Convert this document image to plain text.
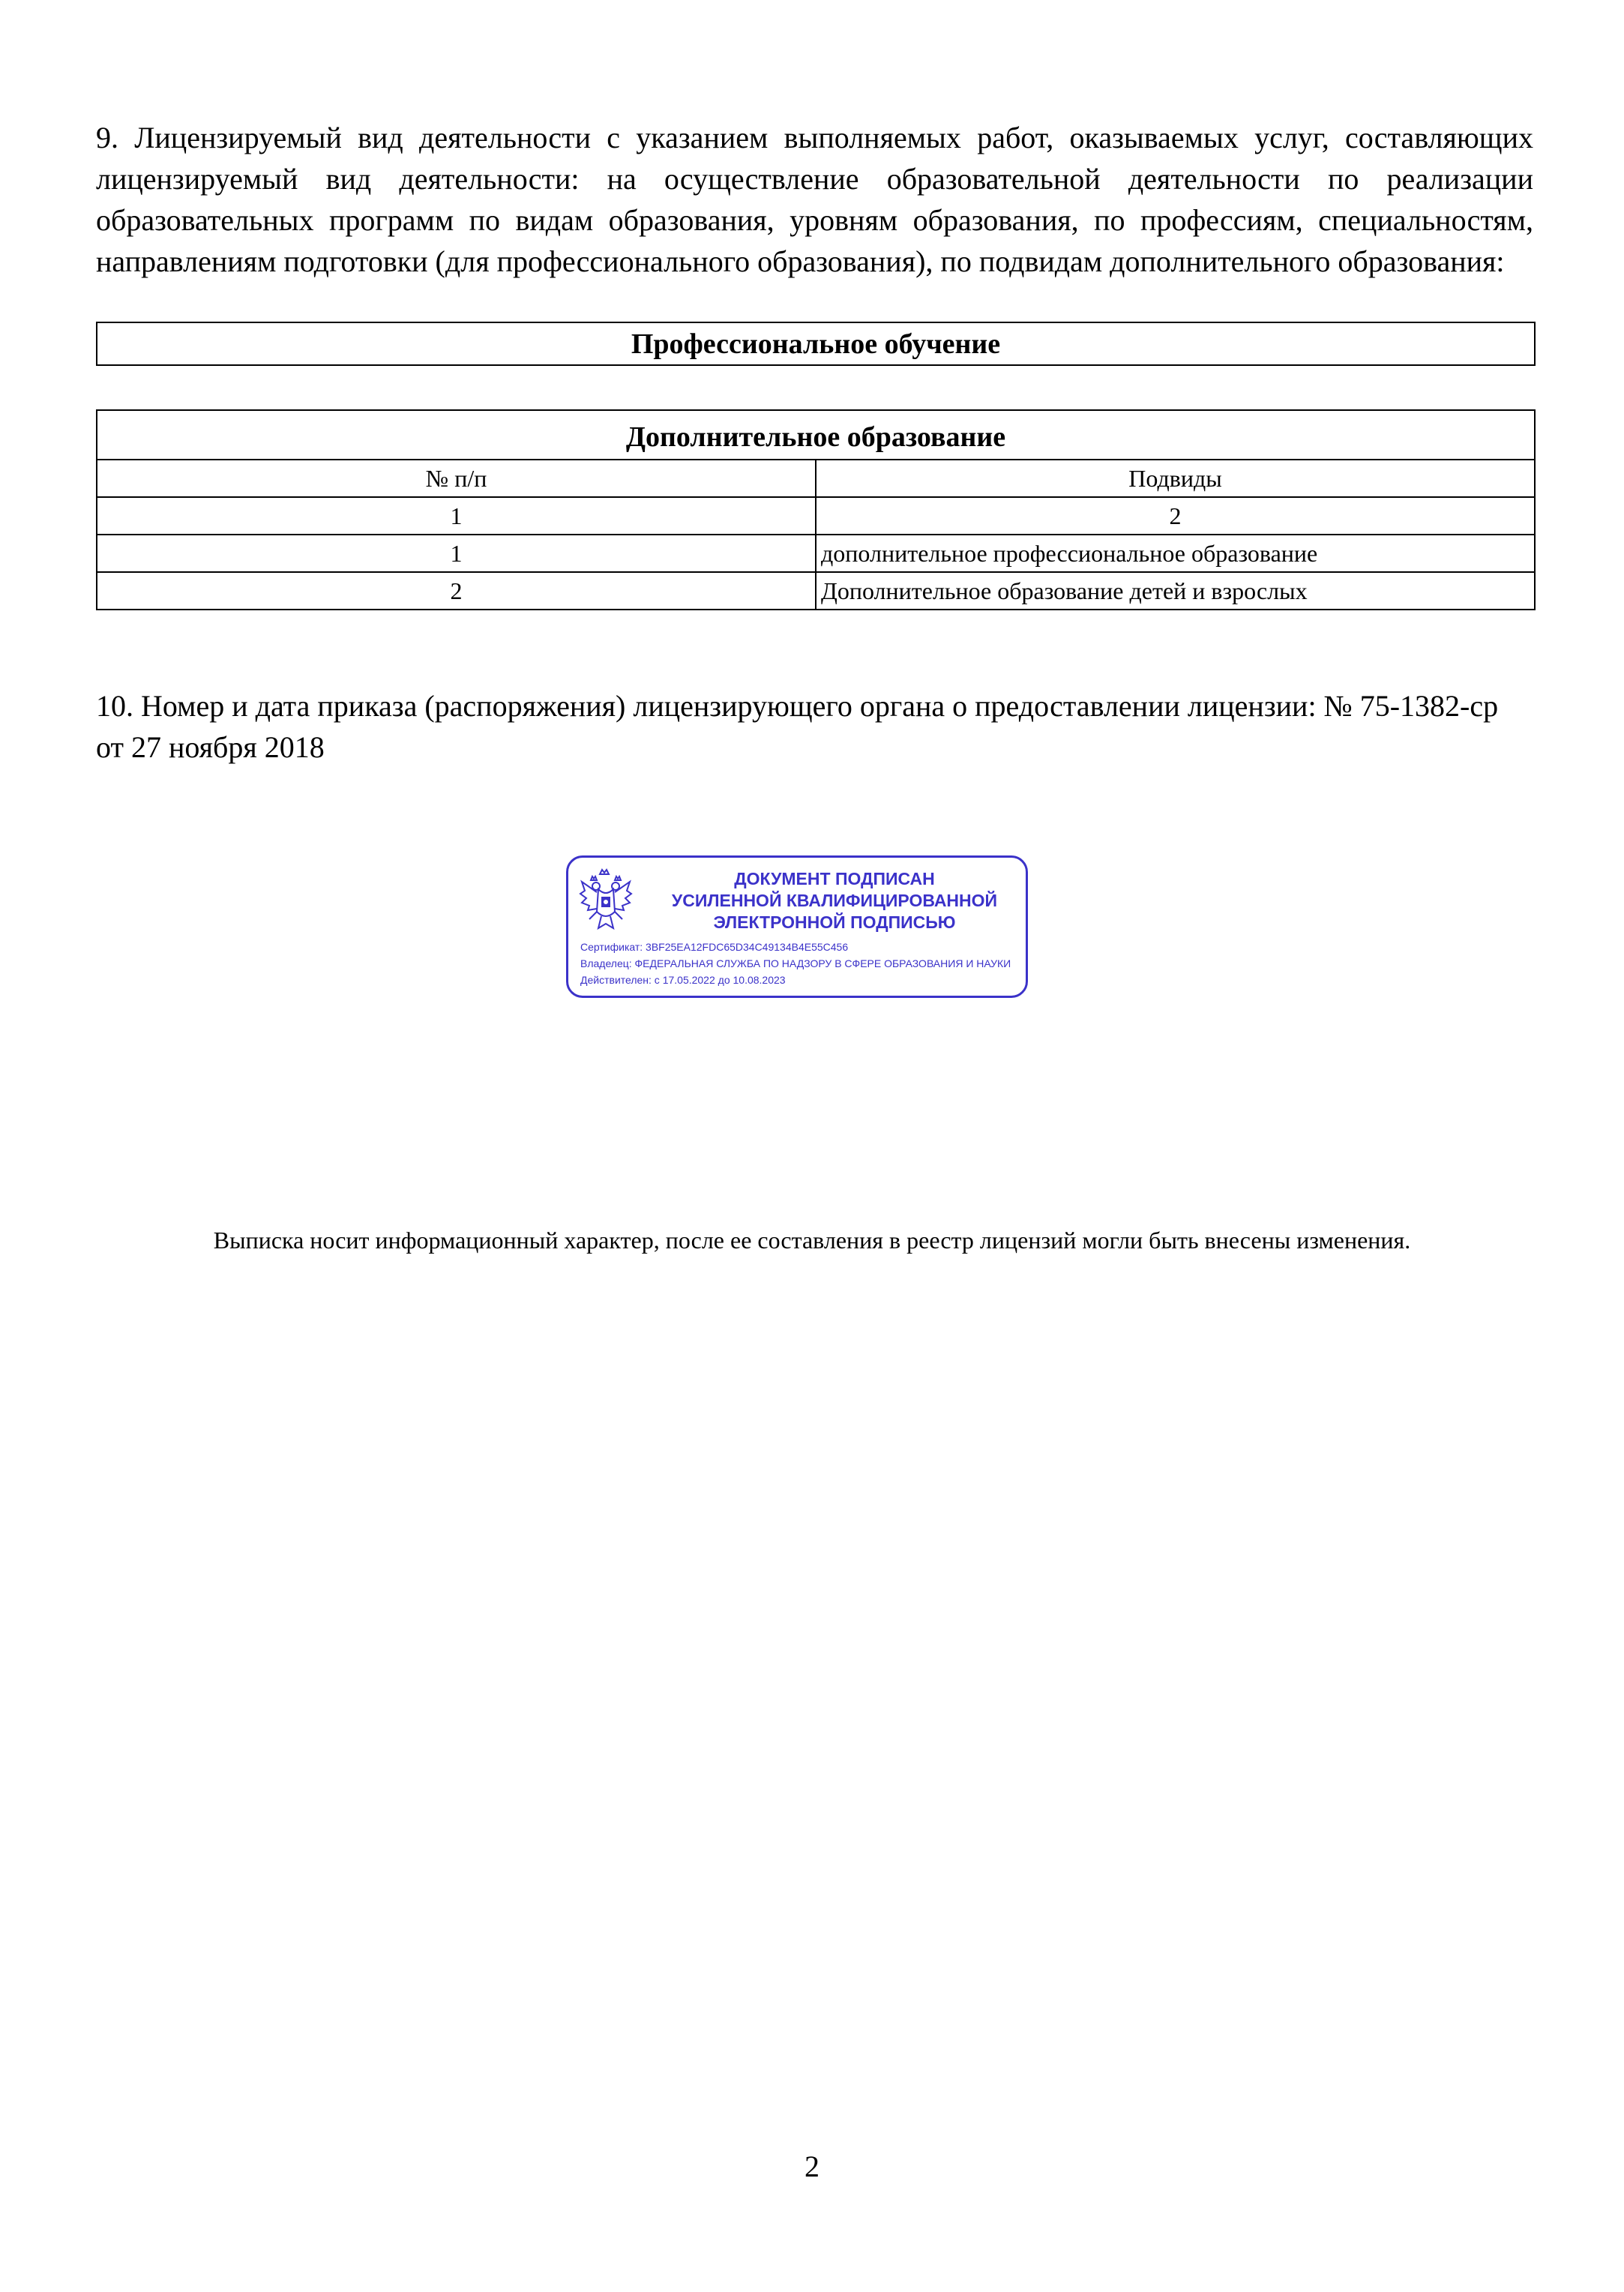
9. Лицензируемый вид деятельности с указанием выполняемых работ, оказываемых услуг, составляющих лицензируемый вид деятельности: на осуществление образовательной деятельности по реализации образовательных программ по видам образования, уровням образования, по профессиям, специальностям, направлениям подготовки (для профессионального образования), по подвидам дополнительного образования:

Профессиональное обучение
Дополнительное образование	
№ п/п	Подвиды
1	2
1	дополнительное профессиональное образование
2	Дополнительное образование детей и взрослых

10. Номер и дата приказа (распоряжения) лицензирующего органа о предоставлении лицензии: № 75-1382-ср от 27 ноября 2018

ДОКУМЕНТ ПОДПИСАН
УСИЛЕННОЙ КВАЛИФИЦИРОВАННОЙ
ЭЛЕКТРОННОЙ ПОДПИСЬЮ
Сертификат: 3BF25EA12FDC65D34C49134B4E55C456
Владелец: ФЕДЕРАЛЬНАЯ СЛУЖБА ПО НАДЗОРУ В СФЕРЕ ОБРАЗОВАНИЯ И НАУКИ
Действителен: с 17.05.2022 до 10.08.2023
Выписка носит информационный характер, после ее составления в реестр лицензий могли быть внесены изменения.
2
